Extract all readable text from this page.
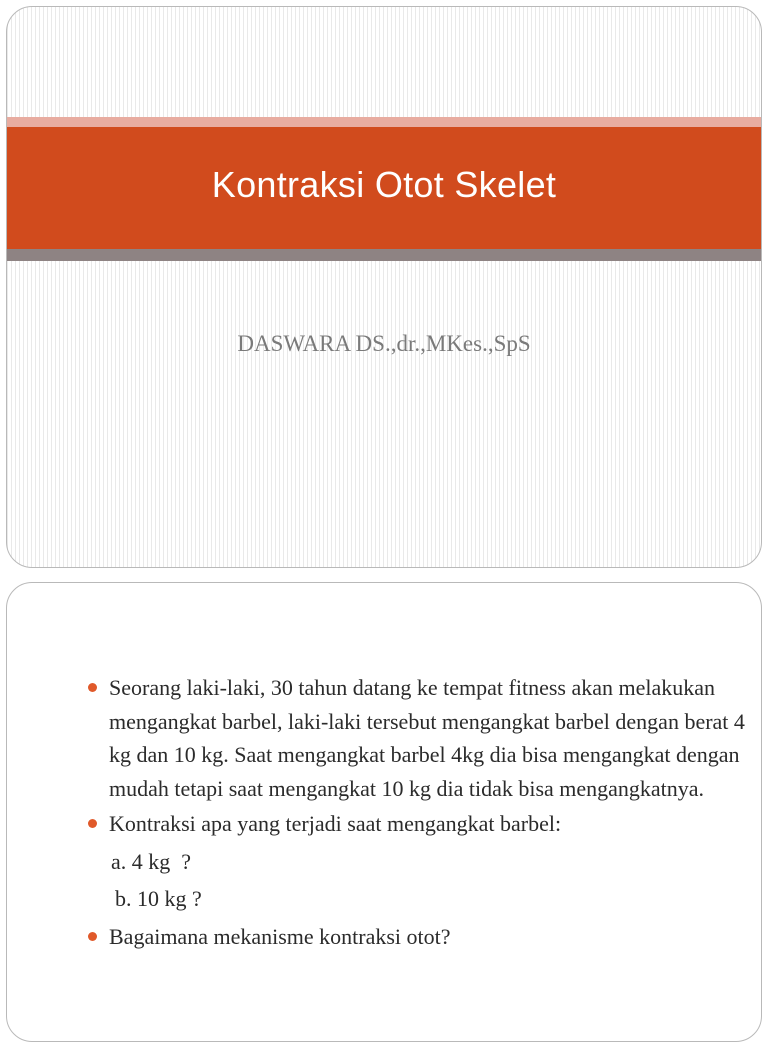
Kontraksi Otot Skelet
DASWARA DS.,dr.,MKes.,SpS
Seorang laki-laki, 30 tahun datang ke tempat fitness akan melakukan mengangkat barbel, laki-laki tersebut mengangkat barbel dengan berat 4 kg dan 10 kg. Saat mengangkat barbel 4kg dia bisa mengangkat dengan mudah tetapi saat mengangkat 10 kg dia tidak bisa mengangkatnya.
Kontraksi apa yang terjadi saat mengangkat barbel:
a. 4 kg  ?
b. 10 kg ?
Bagaimana mekanisme kontraksi otot?
